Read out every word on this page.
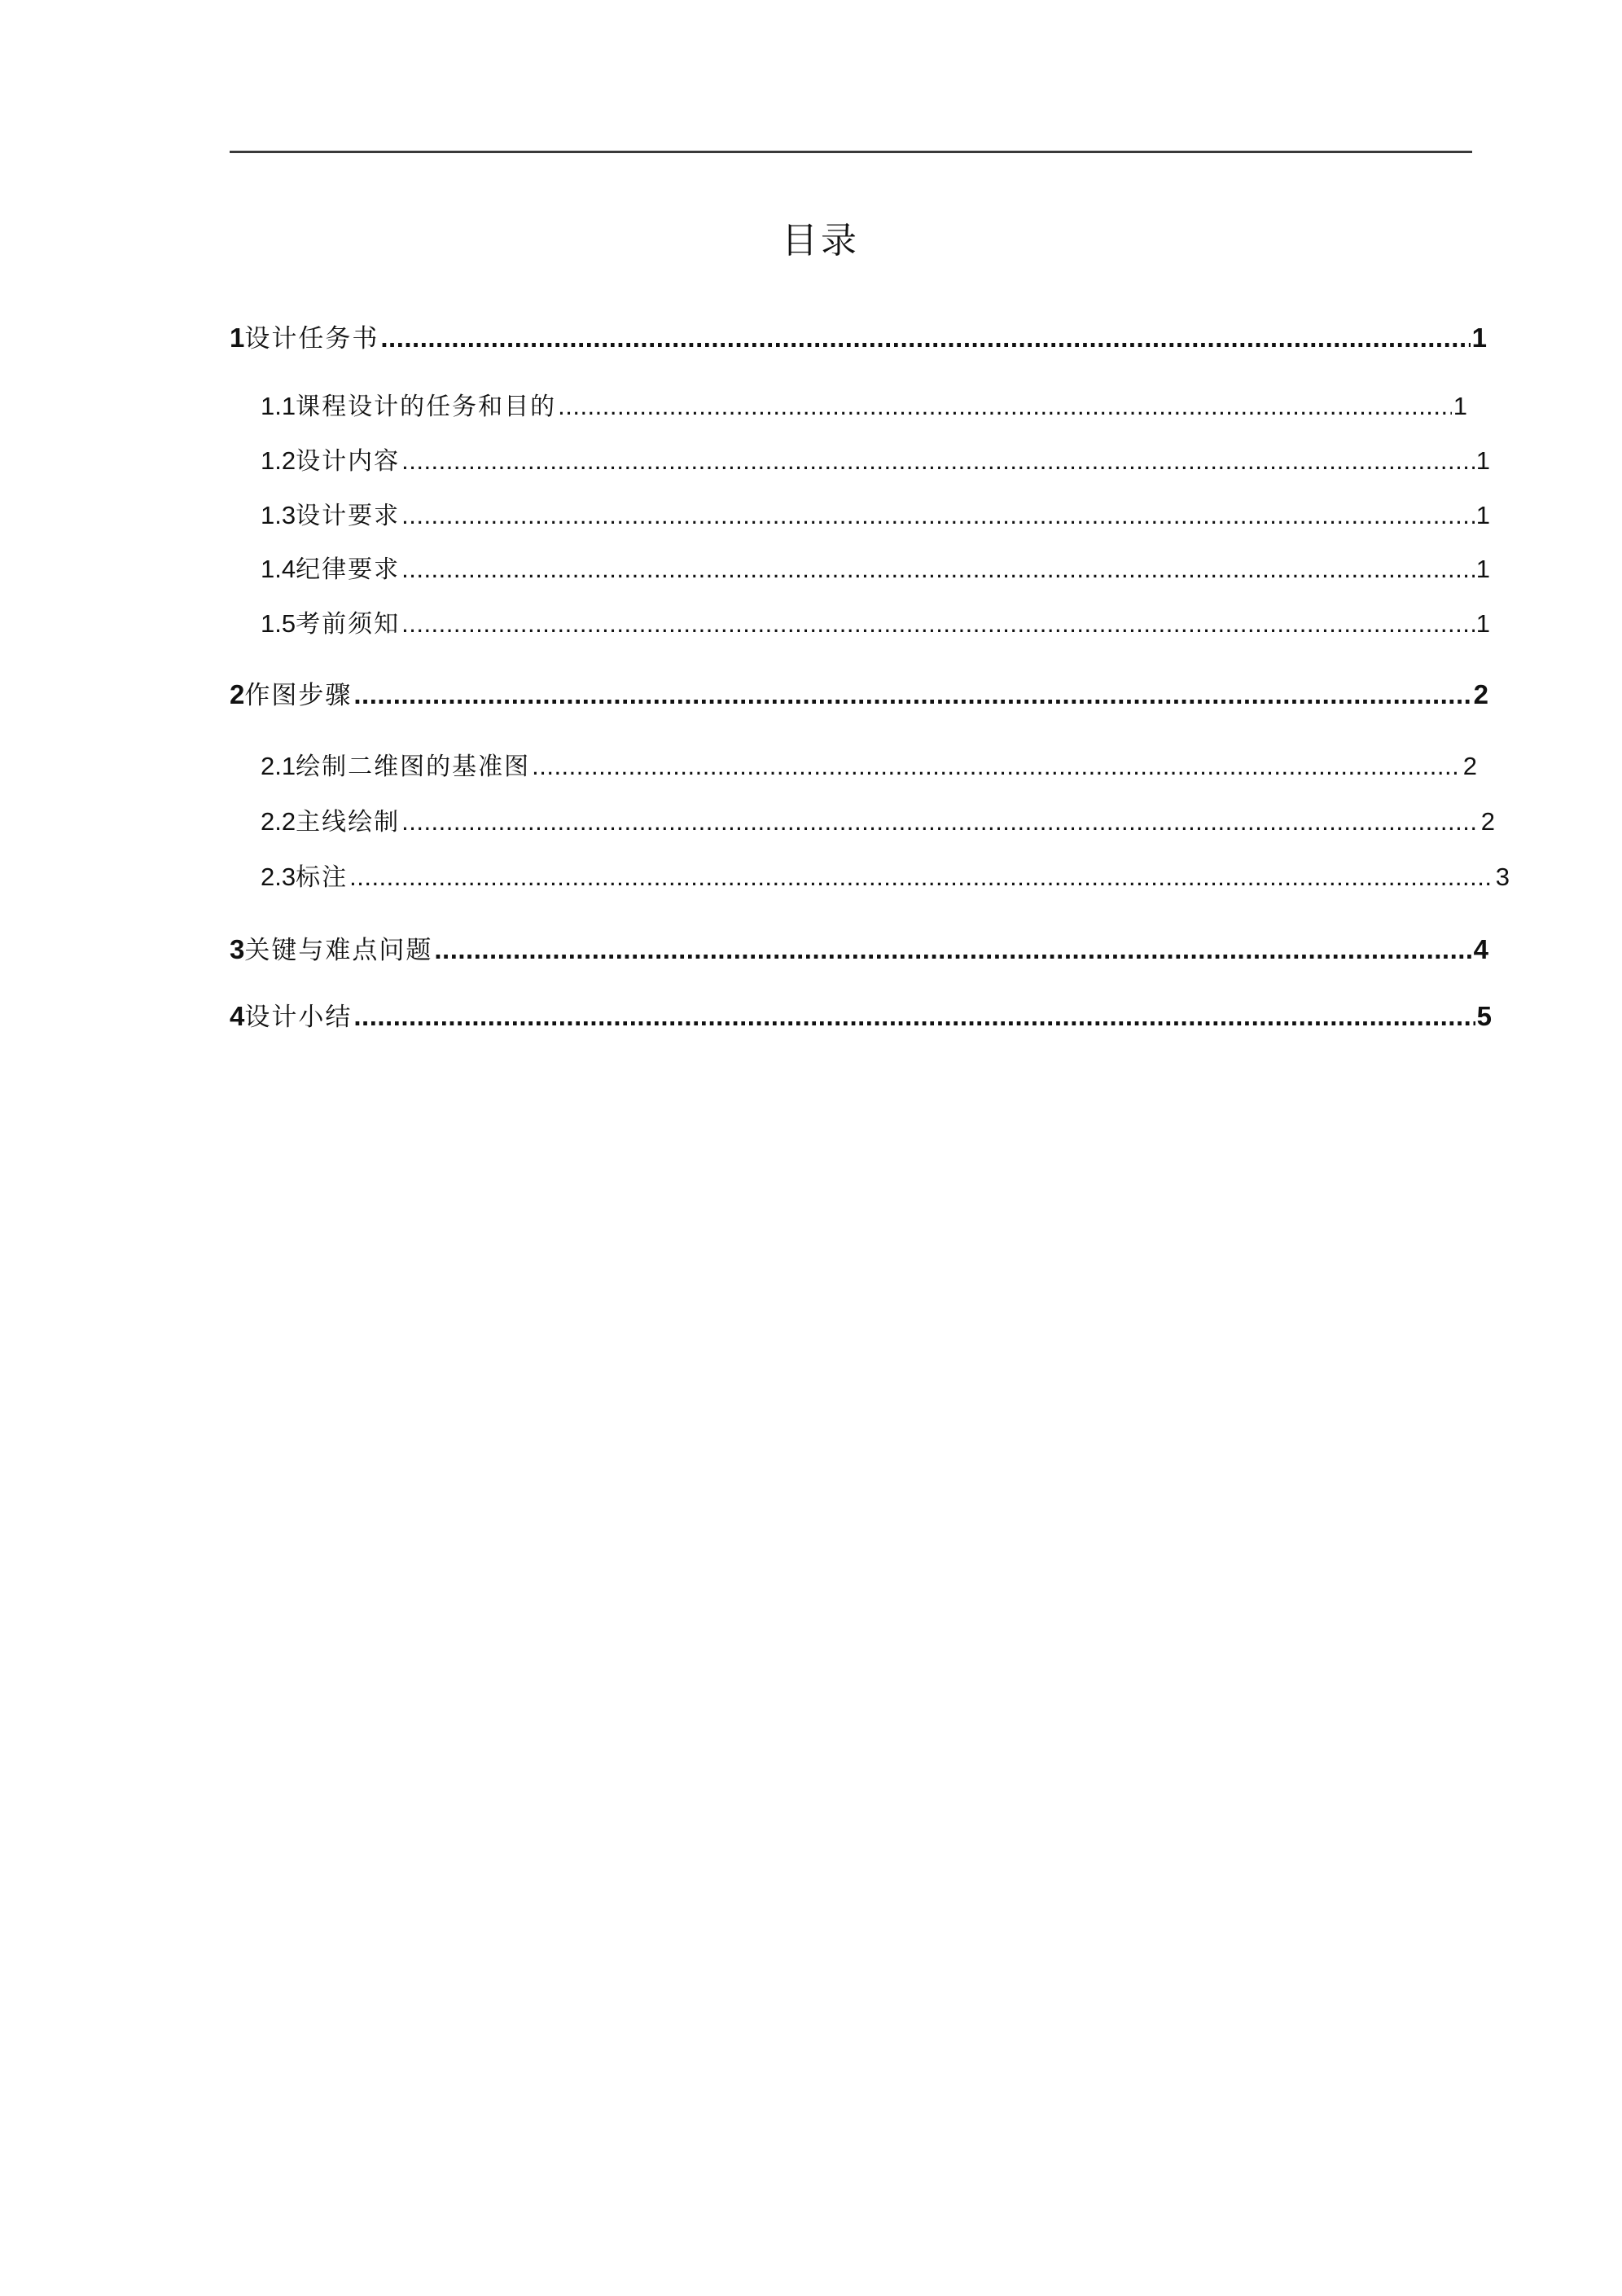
目录
1 设计任务书 .....	1
1.1 课程设计的任务和目的 .....	1
1.2 设计内容 .....	1
1.3 设计要求 .....	1
1.4 纪律要求 .....	1
1.5 考前须知 .....	1
2 作图步骤 .....	2
2.1 绘制二维图的基准图 .....	2
2.2 主线绘制 .....	2
2.3 标注 .....	3
3 关键与难点问题 .....	4
4 设计小结 .....	5
